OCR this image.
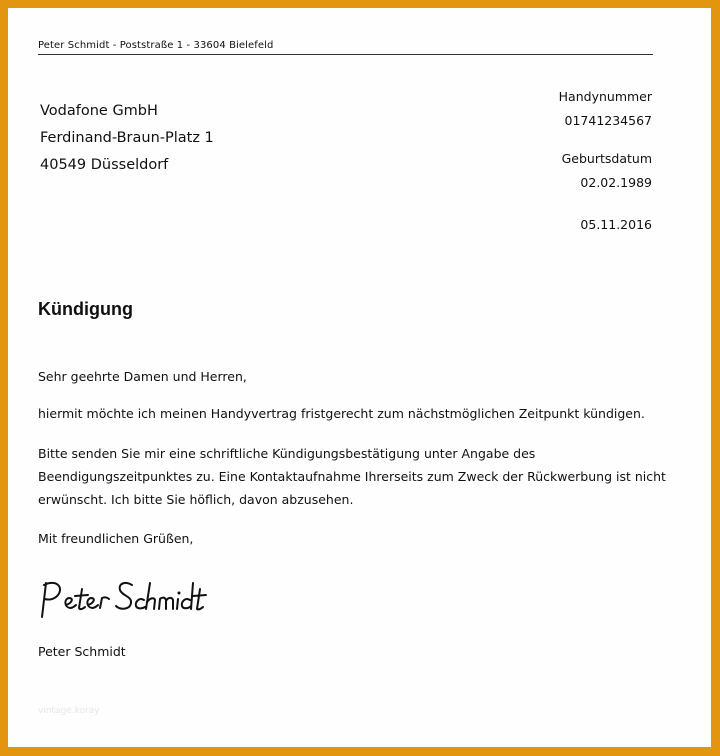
Peter Schmidt - Poststraße 1 - 33604 Bielefeld
Vodafone GmbH
Ferdinand-Braun-Platz 1
40549 Düsseldorf
Handynummer
01741234567
Geburtsdatum
02.02.1989
05.11.2016
Kündigung
Sehr geehrte Damen und Herren,
hiermit möchte ich meinen Handyvertrag fristgerecht zum nächstmöglichen Zeitpunkt kündigen.
Bitte senden Sie mir eine schriftliche Kündigungsbestätigung unter Angabe des
Beendigungszeitpunktes zu. Eine Kontaktaufnahme Ihrerseits zum Zweck der Rückwerbung ist nicht
erwünscht. Ich bitte Sie höflich, davon abzusehen.
Mit freundlichen Grüßen,
Peter Schmidt
vintage.koray
